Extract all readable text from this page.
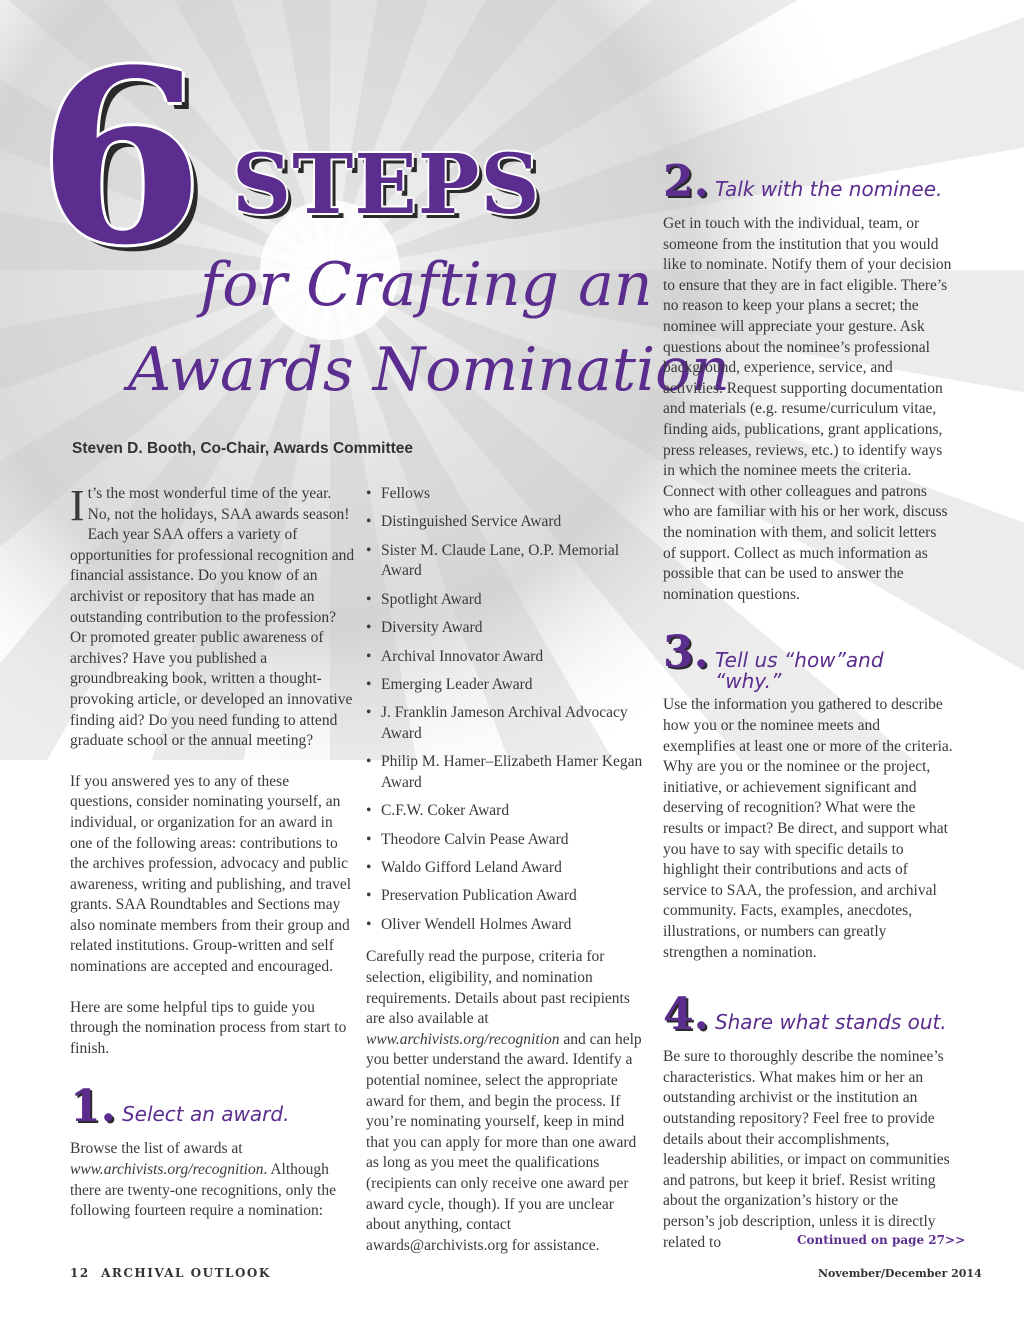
6 STEPS
for Crafting an
Awards Nomination
Steven D. Booth, Co-Chair, Awards Committee

It’s the most wonderful time of the year. No, not the holidays, SAA awards season! Each year SAA offers a variety of opportunities for professional recognition and financial assistance. Do you know of an archivist or repository that has made an outstanding contribution to the profession? Or promoted greater public awareness of archives? Have you published a groundbreaking book, written a thought-provoking article, or developed an innovative finding aid? Do you need funding to attend graduate school or the annual meeting?

If you answered yes to any of these questions, consider nominating yourself, an individual, or organization for an award in one of the following areas: contributions to the archives profession, advocacy and public awareness, writing and publishing, and travel grants. SAA Roundtables and Sections may also nominate members from their group and related institutions. Group-written and self nominations are accepted and encouraged.

Here are some helpful tips to guide you through the nomination process from start to finish.

1. Select an award.

Browse the list of awards at www.archivists.org/recognition. Although there are twenty-one recognitions, only the following fourteen require a nomination:

• Fellows
• Distinguished Service Award
• Sister M. Claude Lane, O.P. Memorial Award
• Spotlight Award
• Diversity Award
• Archival Innovator Award
• Emerging Leader Award
• J. Franklin Jameson Archival Advocacy Award
• Philip M. Hamer–Elizabeth Hamer Kegan Award
• C.F.W. Coker Award
• Theodore Calvin Pease Award
• Waldo Gifford Leland Award
• Preservation Publication Award
• Oliver Wendell Holmes Award

Carefully read the purpose, criteria for selection, eligibility, and nomination requirements. Details about past recipients are also available at www.archivists.org/recognition and can help you better understand the award. Identify a potential nominee, select the appropriate award for them, and begin the process. If you’re nominating yourself, keep in mind that you can apply for more than one award as long as you meet the qualifications (recipients can only receive one award per award cycle, though). If you are unclear about anything, contact awards@archivists.org for assistance.

2. Talk with the nominee.

Get in touch with the individual, team, or someone from the institution that you would like to nominate. Notify them of your decision to ensure that they are in fact eligible. There’s no reason to keep your plans a secret; the nominee will appreciate your gesture. Ask questions about the nominee’s professional background, experience, service, and activities. Request supporting documentation and materials (e.g. resume/curriculum vitae, finding aids, publications, grant applications, press releases, reviews, etc.) to identify ways in which the nominee meets the criteria. Connect with other colleagues and patrons who are familiar with his or her work, discuss the nomination with them, and solicit letters of support. Collect as much information as possible that can be used to answer the nomination questions.

3. Tell us “how”and “why.”

Use the information you gathered to describe how you or the nominee meets and exemplifies at least one or more of the criteria. Why are you or the nominee or the project, initiative, or achievement significant and deserving of recognition? What were the results or impact? Be direct, and support what you have to say with specific details to highlight their contributions and acts of service to SAA, the profession, and archival community. Facts, examples, anecdotes, illustrations, or numbers can greatly strengthen a nomination.

4. Share what stands out.

Be sure to thoroughly describe the nominee’s characteristics. What makes him or her an outstanding archivist or the institution an outstanding repository? Feel free to provide details about their accomplishments, leadership abilities, or impact on communities and patrons, but keep it brief. Resist writing about the organization’s history or the person’s job description, unless it is directly related to	Continued on page 27>>
12 ARCHIVAL OUTLOOK	November/December 2014
